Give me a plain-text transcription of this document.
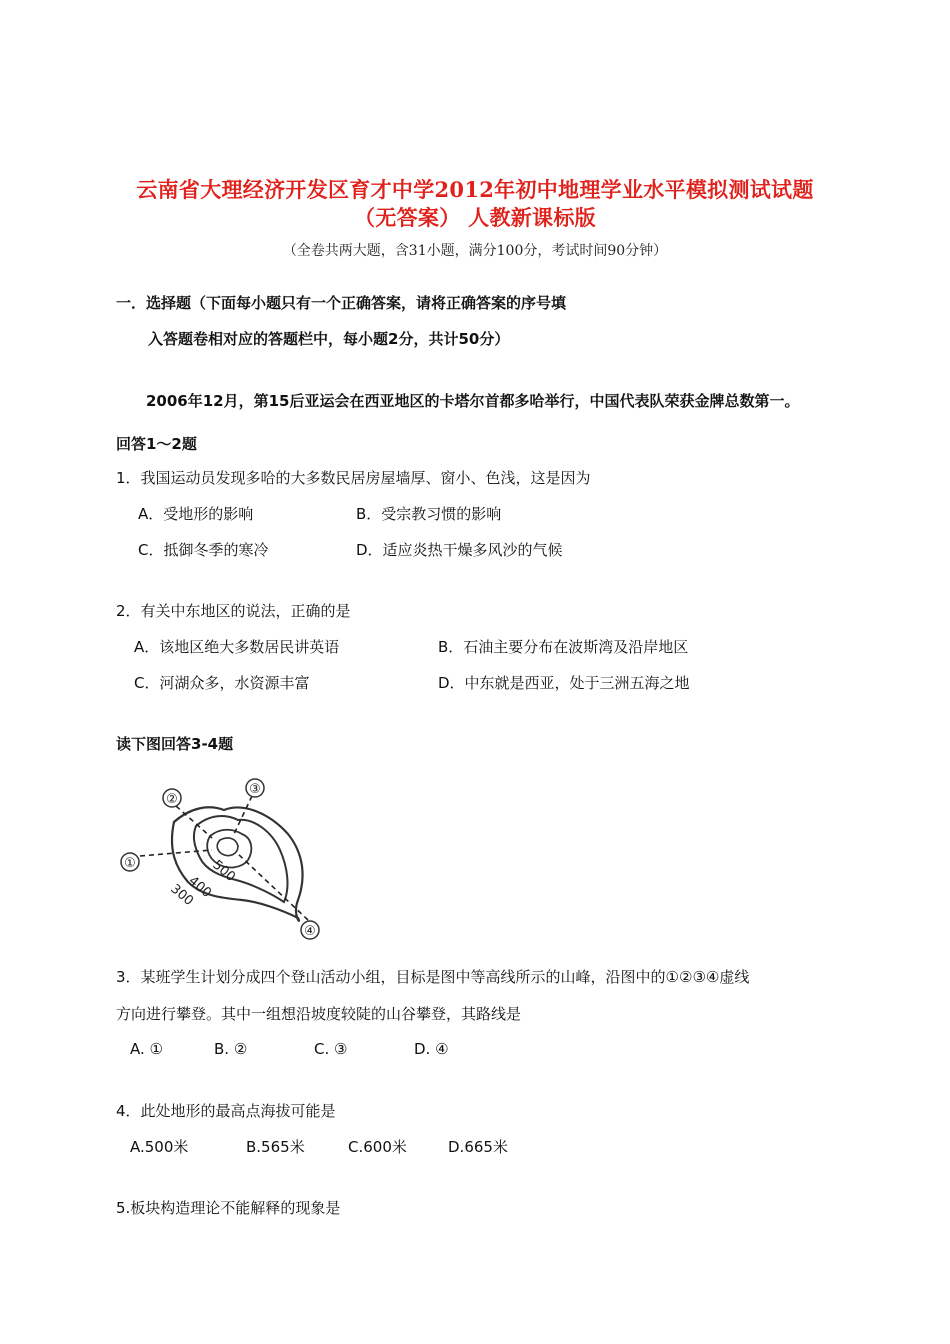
云南省大理经济开发区育才中学2012年初中地理学业水平模拟测试试题
（无答案） 人教新课标版
（全卷共两大题，含31小题，满分100分，考试时间90分钟）
一．选择题（下面每小题只有一个正确答案，请将正确答案的序号填
入答题卷相对应的答题栏中，每小题2分，共计50分）
2006年12月，第15后亚运会在西亚地区的卡塔尔首都多哈举行，中国代表队荣获金牌总数第一。
回答1～2题
1．我国运动员发现多哈的大多数民居房屋墙厚、窗小、色浅，这是因为
A．受地形的影响	B．受宗教习惯的影响
C．抵御冬季的寒冷	D．适应炎热干燥多风沙的气候
2．有关中东地区的说法，正确的是
A．该地区绝大多数居民讲英语	B．石油主要分布在波斯湾及沿岸地区
C．河湖众多，水资源丰富	D．中东就是西亚，处于三洲五海之地
读下图回答3-4题
①
②
③
④
500
400
300
3．某班学生计划分成四个登山活动小组，目标是图中等高线所示的山峰，沿图中的①②③④虚线
方向进行攀登。其中一组想沿坡度较陡的山谷攀登，其路线是
A. ①	B. ②	C. ③	D. ④
4．此处地形的最高点海拔可能是
A.500米	B.565米	C.600米	D.665米
5.板块构造理论不能解释的现象是
